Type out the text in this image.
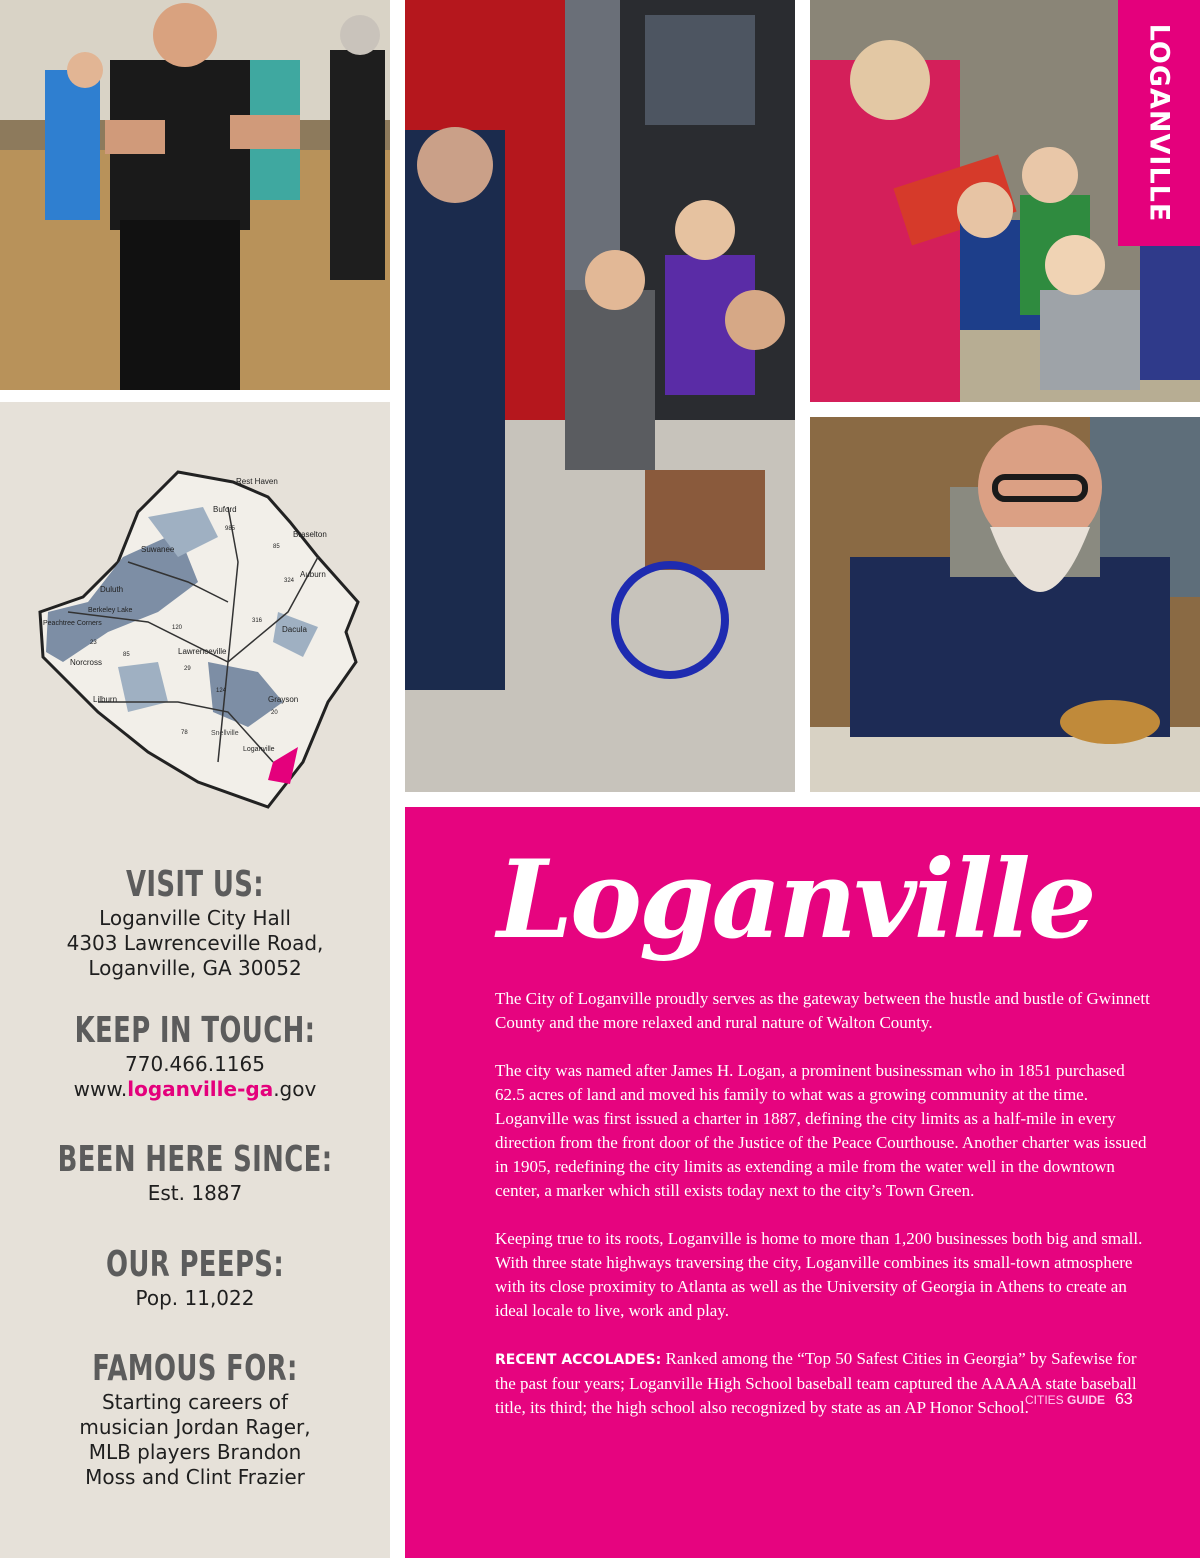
LOGANVILLE
Rest Haven
Buford
Braselton
Suwanee
Auburn
Duluth
Berkeley Lake
Peachtree Corners
Dacula
Lawrenceville
Norcross
Lilburn	Grayson
Snellville
Loganville
985
85
324
316
120
85
23
29
124
20
78
VISIT US:
Loganville City Hall
4303 Lawrenceville Road,
Loganville, GA 30052
KEEP IN TOUCH:
770.466.1165
www.loganville-ga.gov
BEEN HERE SINCE:
Est. 1887
OUR PEEPS:
Pop. 11,022
FAMOUS FOR:
Starting careers of
musician Jordan Rager,
MLB players Brandon
Moss and Clint Frazier
Loganville

The City of Loganville proudly serves as the gateway between the hustle and bustle of Gwinnett County and the more relaxed and rural nature of Walton County.

The city was named after James H. Logan, a prominent businessman who in 1851 purchased 62.5 acres of land and moved his family to what was a growing community at the time. Loganville was first issued a charter in 1887, defining the city limits as a half-mile in every direction from the front door of the Justice of the Peace Courthouse. Another charter was issued in 1905, redefining the city limits as extending a mile from the water well in the downtown center, a marker which still exists today next to the city’s Town Green.

Keeping true to its roots, Loganville is home to more than 1,200 businesses both big and small. With three state highways traversing the city, Loganville combines its small-town atmosphere with its close proximity to Atlanta as well as the University of Georgia in Athens to create an ideal locale to live, work and play.

RECENT ACCOLADES: Ranked among the “Top 50 Safest Cities in Georgia” by Safewise for the past four years; Loganville High School baseball team captured the AAAAA state baseball title, its third; the high school also recognized by state as an AP Honor School.

CITIES GUIDE 63
